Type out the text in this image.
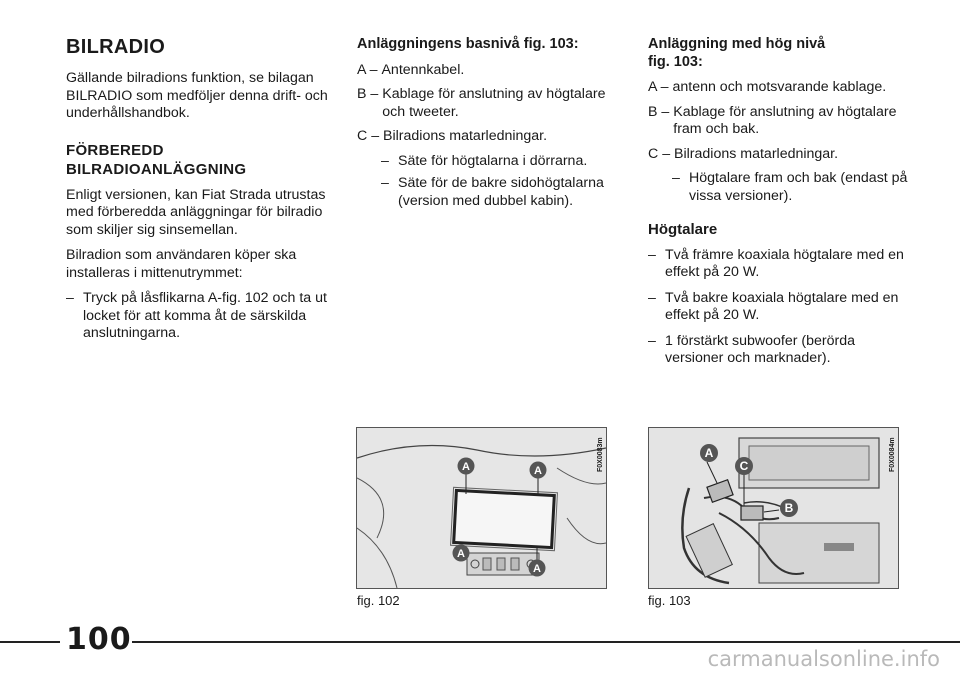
BILRADIO

Gällande bilradions funktion, se bilagan BILRADIO som medföljer denna drift- och underhållshandbok.

FÖRBEREDD
BILRADIOANLÄGGNING

Enligt versionen, kan Fiat Strada utrustas med förberedda anläggningar för bilradio som skiljer sig sinsemellan.

Bilradion som användaren köper ska installeras i mittenutrymmet:

– Tryck på låsflikarna A-fig. 102 och ta ut locket för att komma åt de särskilda anslutningarna.
Anläggningens basnivå fig. 103:
A – Antennkabel.
B – Kablage för anslutning av högtalare och tweeter.
C – Bilradions matarledningar.
– Säte för högtalarna i dörrarna.
– Säte för de bakre sidohögtalarna (version med dubbel kabin).
Anläggning med hög nivå
fig. 103:
A – antenn och motsvarande kablage.
B – Kablage för anslutning av högtalare fram och bak.
C – Bilradions matarledningar.
– Högtalare fram och bak (endast på vissa versioner).
Högtalare
– Två främre koaxiala högtalare med en effekt på 20 W.
– Två bakre koaxiala högtalare med en effekt på 20 W.
– 1 förstärkt subwoofer (berörda versioner och marknader).
A	A
A
A
F0X0083m
fig. 102
A
C
B
F0X0084m
fig. 103
100
carmanualsonline.info
